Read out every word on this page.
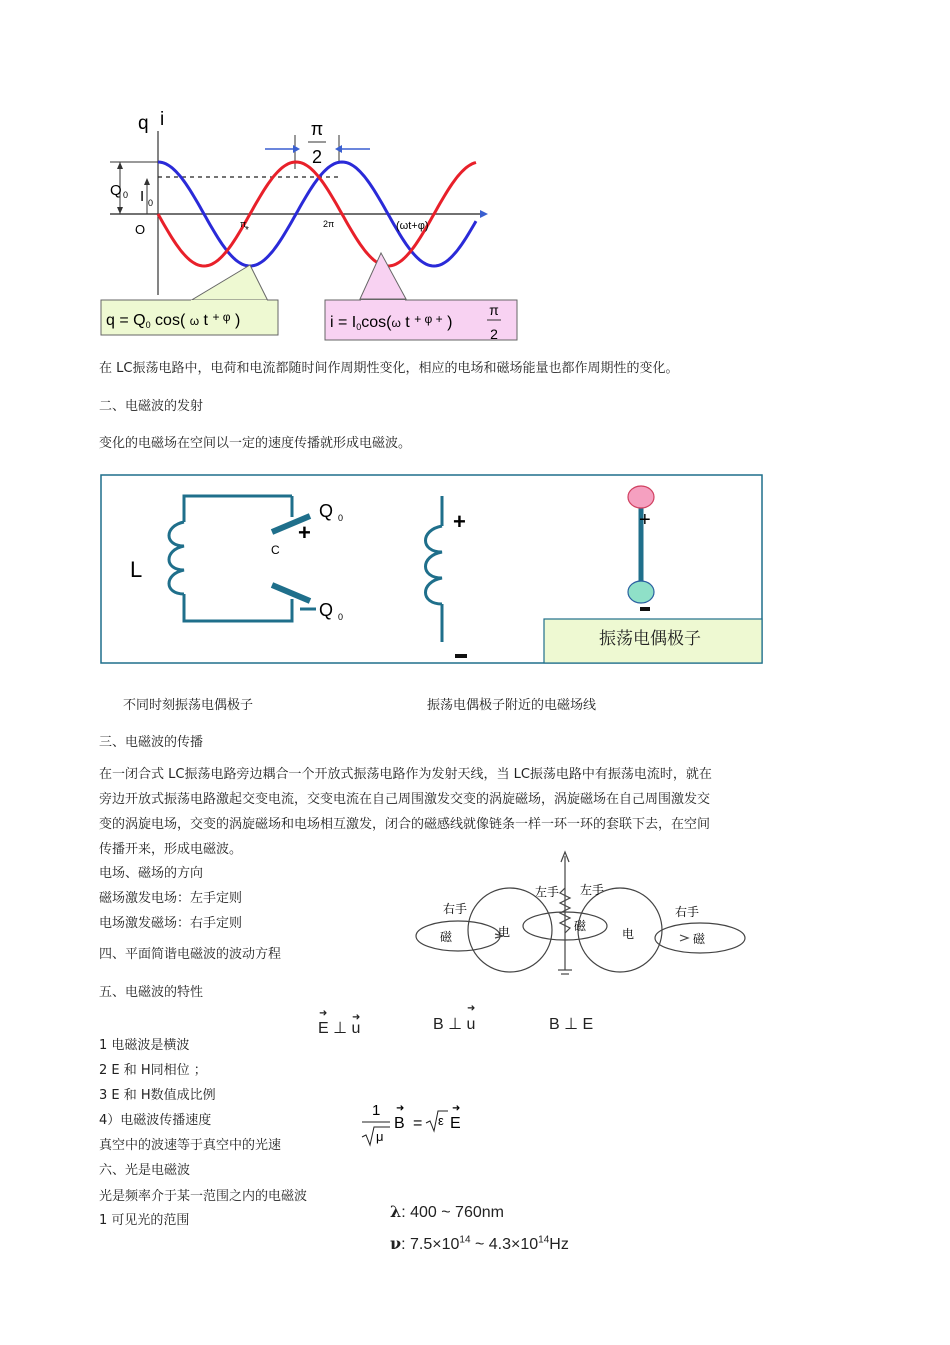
π
2
q i
Q 0 I 0
O	π
*
2π	(ωt+φ)
q = Q0 cos( ω t $^{+ \varphi}$ )	i = I0cos(ω t $^{+ \varphi +}$ )
π
2
在 LC振荡电路中，电荷和电流都随时间作周期性变化，相应的电场和磁场能量也都作周期性的变化。
二、电磁波的发射
变化的电磁场在空间以一定的速度传播就形成电磁波。
L
C
Q 0
+
Q 0
+	+
振荡电偶极子
不同时刻振荡电偶极子	振荡电偶极子附近的电磁场线
三、电磁波的传播
在一闭合式 LC振荡电路旁边耦合一个开放式振荡电路作为发射天线，当 LC振荡电路中有振荡电流时，就在
旁边开放式振荡电路激起交变电流，交变电流在自己周围激发交变的涡旋磁场，涡旋磁场在自己周围激发交
变的涡旋电场，交变的涡旋磁场和电场相互激发，闭合的磁感线就像链条一样一环一环的套联下去，在空间
传播开来，形成电磁波。
电场、磁场的方向
磁场激发电场：左手定则
电场激发磁场：右手定则
四、平面简谐电磁波的波动方程
五、电磁波的特性
右手
左手 左手
右手
磁	电	磁
电	磁
E ⊥ u	B ⊥ u	B ⊥ E
➜ ➜
➜
1 电磁波是横波
2 E 和 H同相位 ；
3 E 和 H数值成比例
4）电磁波传播速度
真空中的波速等于真空中的光速
1
μ
B
➜
= ε E
➜
六、光是电磁波
光是频率介于某一范围之内的电磁波
1 可见光的范围	λ: 400 ~ 760nm
ν: $7.5\times 10^{14}$ ~ $4.3\times 10^{14}Hz$
